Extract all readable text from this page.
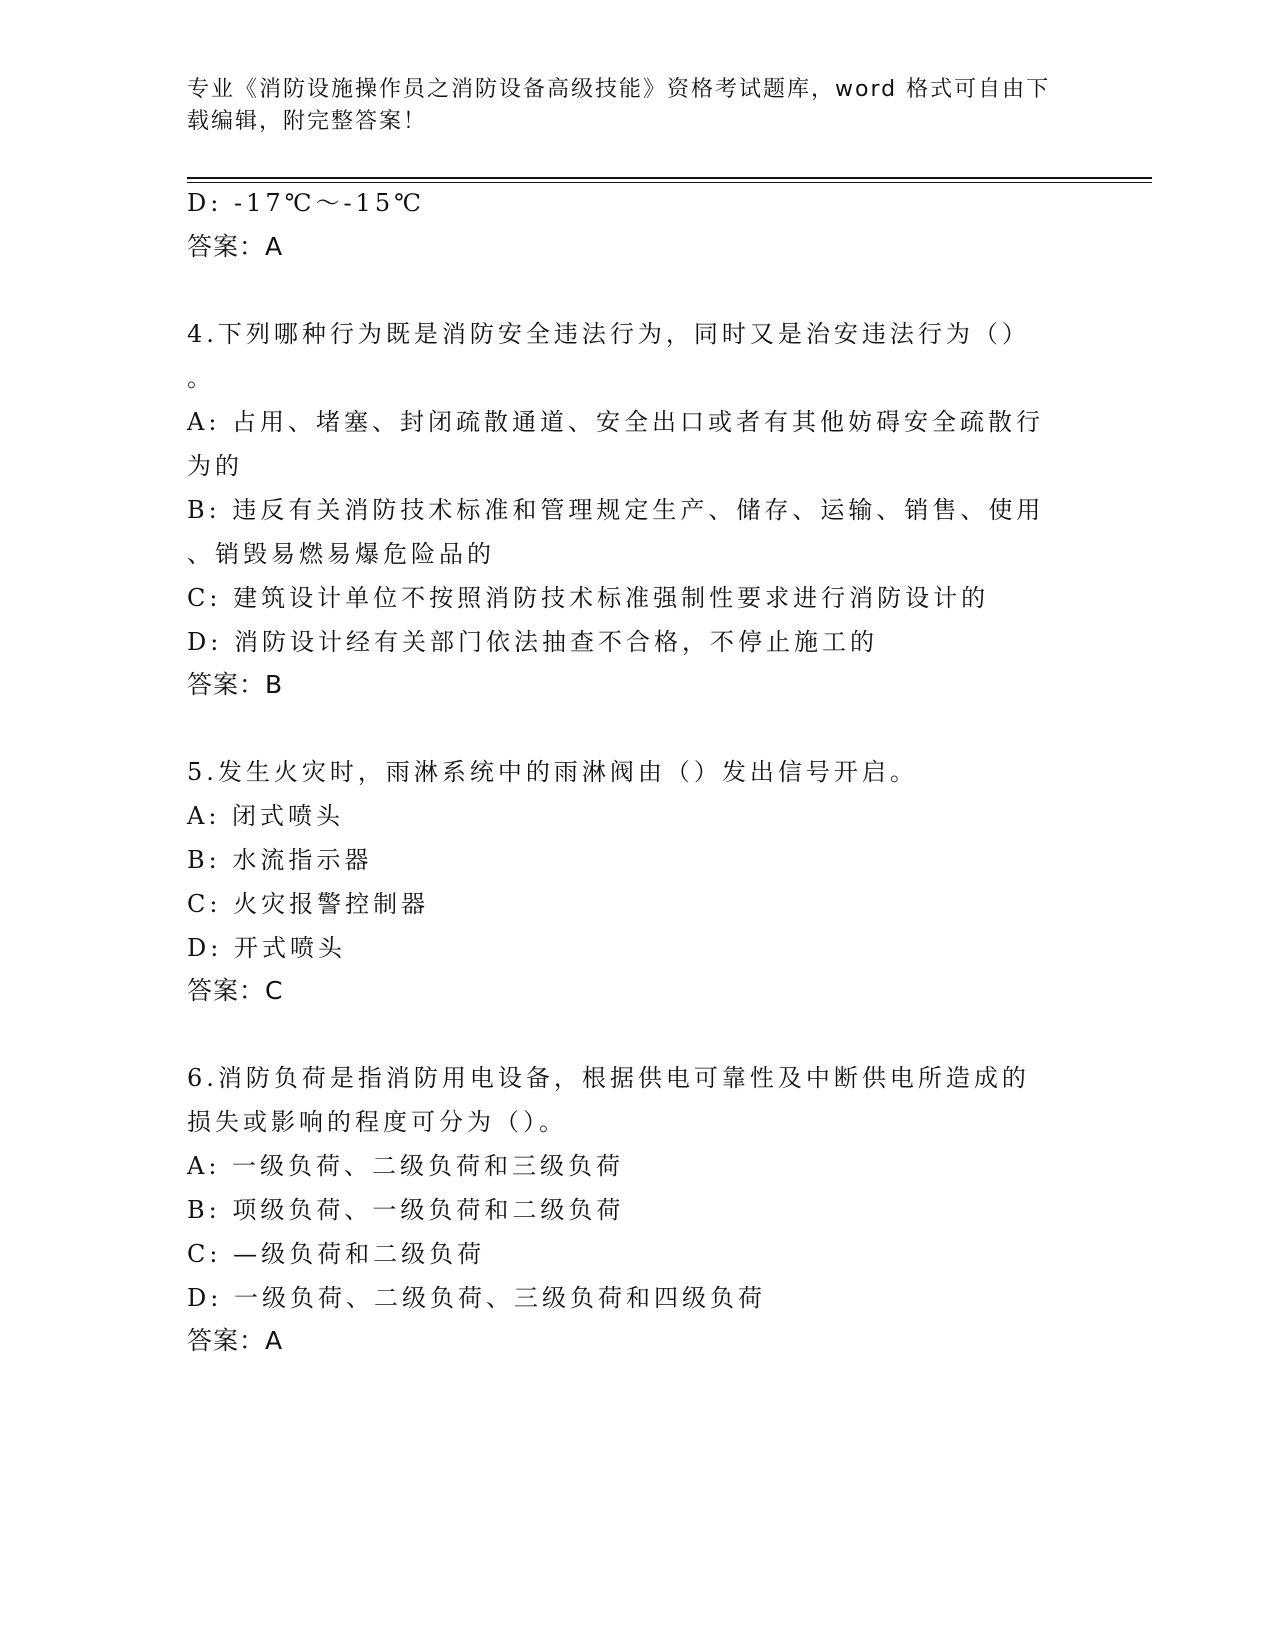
专业《消防设施操作员之消防设备高级技能》资格考试题库，word 格式可自由下
载编辑，附完整答案！
D: -17℃～-15℃
答案：A
4.下列哪种行为既是消防安全违法行为，同时又是治安违法行为（）
。
A: 占用、堵塞、封闭疏散通道、安全出口或者有其他妨碍安全疏散行
为的
B: 违反有关消防技术标准和管理规定生产、储存、运输、销售、使用
、销毁易燃易爆危险品的
C: 建筑设计单位不按照消防技术标准强制性要求进行消防设计的
D: 消防设计经有关部门依法抽查不合格，不停止施工的
答案：B
5.发生火灾时，雨淋系统中的雨淋阀由（）发出信号开启。
A: 闭式喷头
B: 水流指示器
C: 火灾报警控制器
D: 开式喷头
答案：C
6.消防负荷是指消防用电设备，根据供电可靠性及中断供电所造成的
损失或影响的程度可分为（）。
A: 一级负荷、二级负荷和三级负荷
B: 项级负荷、一级负荷和二级负荷
C: —级负荷和二级负荷
D: 一级负荷、二级负荷、三级负荷和四级负荷
答案：A
